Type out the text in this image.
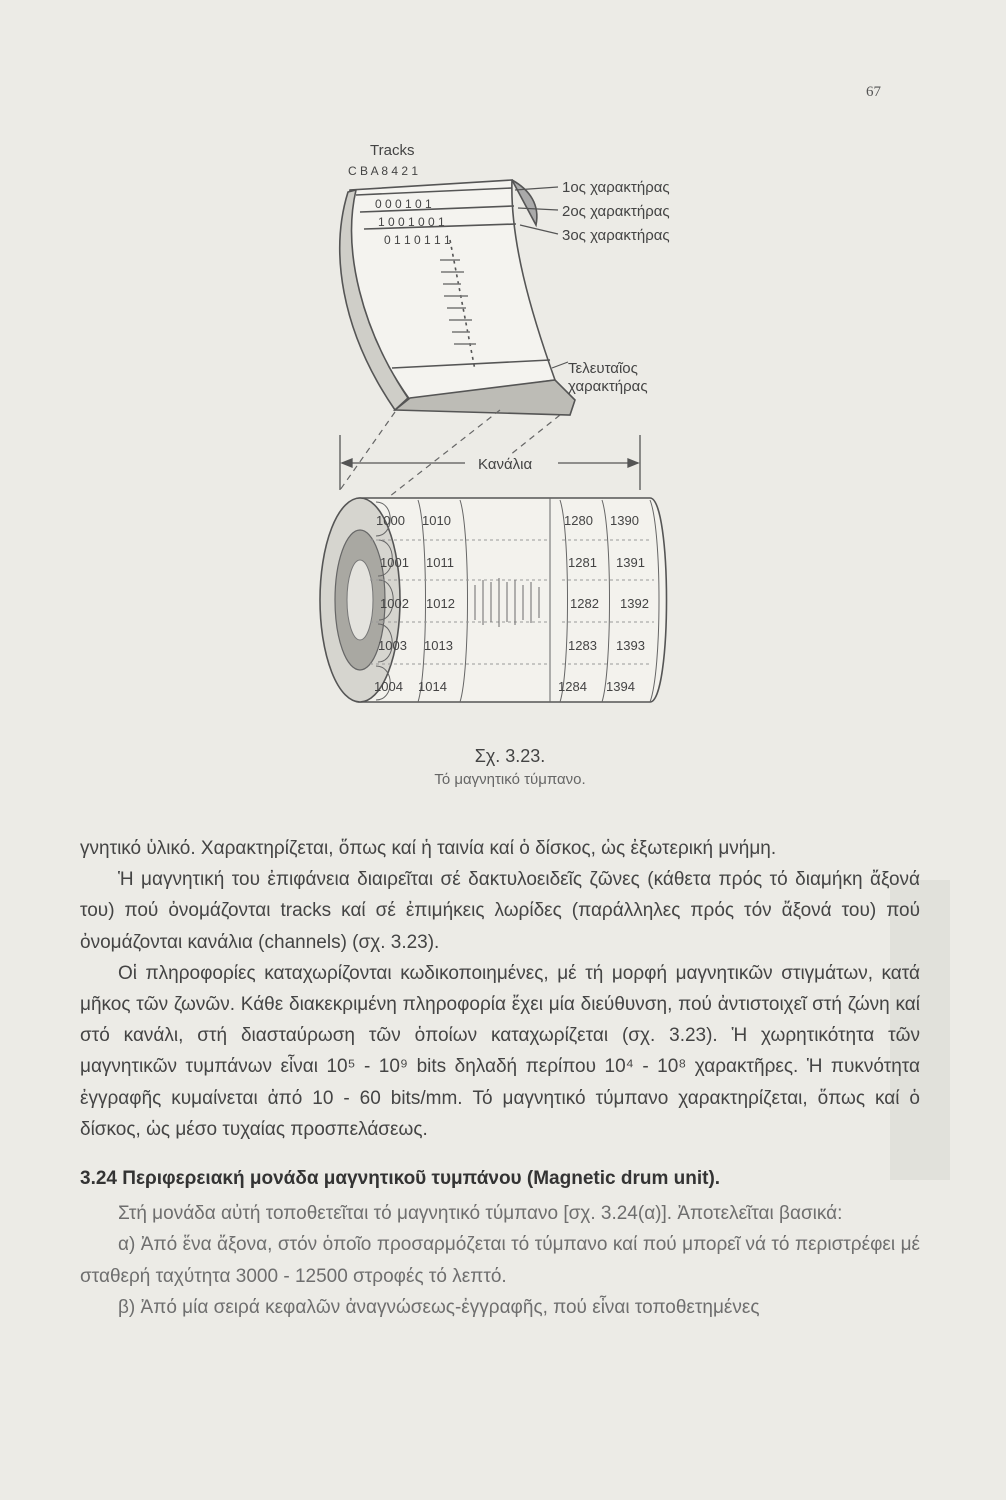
67
0 0 0 1 0 1
1 0 0 1 0 0 1
0 1 1 0 1 1 1
Tracks
C B A 8 4 2 1
1ος χαρακτήρας
2ος χαρακτήρας
3ος χαρακτήρας
Τελευταῖος
χαρακτήρας
Κανάλια
1000
1001
1002
1003
1004
1010
1011
1012
1013
1014
1280
1281
1282
1283
1284
1390
1391
1392
1393
1394
Σχ. 3.23.
Τό μαγνητικό τύμπανο.

γνητικό ὑλικό. Χαρακτηρίζεται, ὅπως καί ἡ ταινία καί ὁ δίσκος, ὡς ἐξωτερική μνήμη.

Ἡ μαγνητική του ἐπιφάνεια διαιρεῖται σέ δακτυλοειδεῖς ζῶνες (κάθετα πρός τό διαμήκη ἄξονά του) πού ὀνομάζονται tracks καί σέ ἐπιμήκεις λωρίδες (παράλληλες πρός τόν ἄξονά του) πού ὀνομάζονται κανάλια (channels) (σχ. 3.23).

Οἱ πληροφορίες καταχωρίζονται κωδικοποιημένες, μέ τή μορφή μαγνητικῶν στιγμάτων, κατά μῆκος τῶν ζωνῶν. Κάθε διακεκριμένη πληροφορία ἔχει μία διεύθυνση, πού ἀντιστοιχεῖ στή ζώνη καί στό κανάλι, στή διασταύρωση τῶν ὁποίων καταχωρίζεται (σχ. 3.23). Ἡ χωρητικότητα τῶν μαγνητικῶν τυμπάνων εἶναι 10⁵ - 10⁹ bits δηλαδή περίπου 10⁴ - 10⁸ χαρακτῆρες. Ἡ πυκνότητα ἐγγραφῆς κυμαίνεται ἀπό 10 - 60 bits/mm. Τό μαγνητικό τύμπανο χαρακτηρίζεται, ὅπως καί ὁ δίσκος, ὡς μέσο τυχαίας προσπελάσεως.

3.24 Περιφερειακή μονάδα μαγνητικοῦ τυμπάνου (Magnetic drum unit).

Στή μονάδα αὐτή τοποθετεῖται τό μαγνητικό τύμπανο [σχ. 3.24(α)]. Ἀποτελεῖται βασικά:

α) Ἀπό ἕνα ἄξονα, στόν ὁποῖο προσαρμόζεται τό τύμπανο καί πού μπορεῖ νά τό περιστρέφει μέ σταθερή ταχύτητα 3000 - 12500 στροφές τό λεπτό.

β) Ἀπό μία σειρά κεφαλῶν ἀναγνώσεως-ἐγγραφῆς, πού εἶναι τοποθετημένες
